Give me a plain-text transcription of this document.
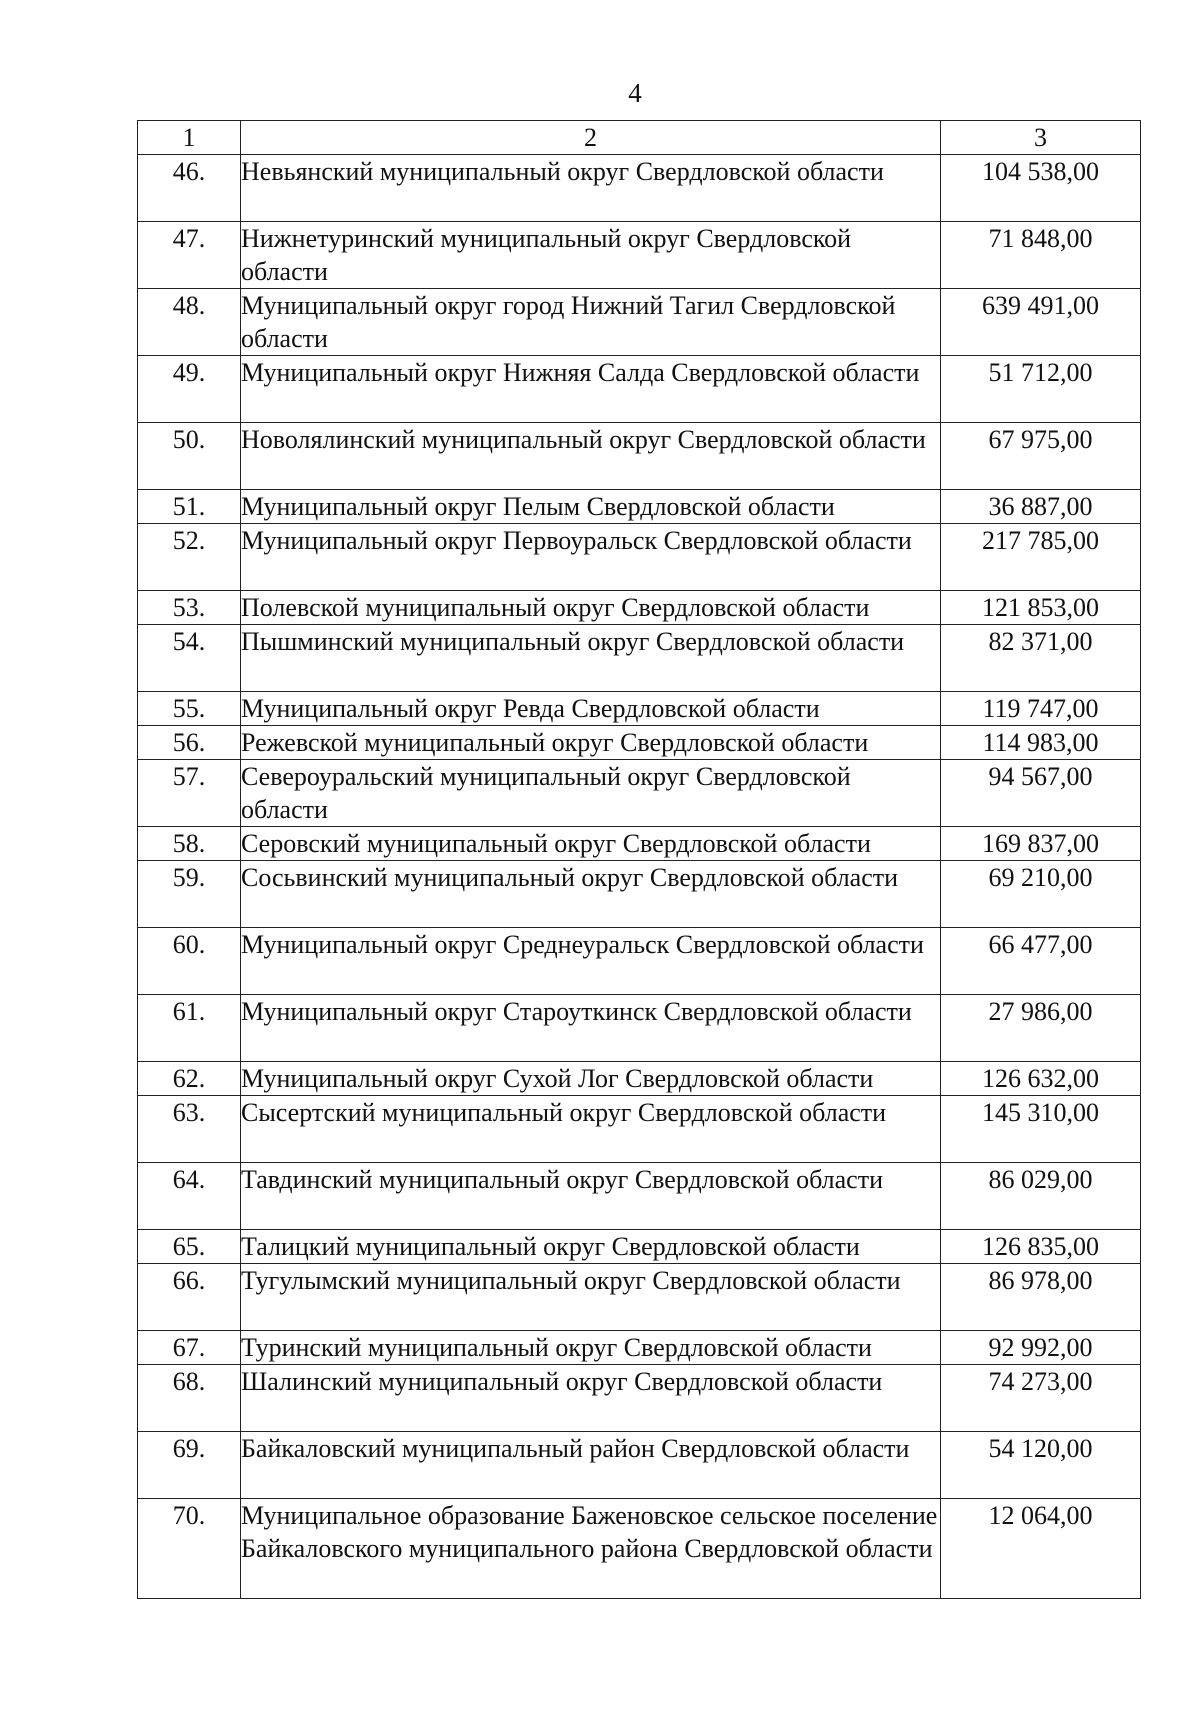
4
1	2	3
46.	Невьянский муниципальный округ Свердловской области	104 538,00
47.	Нижнетуринский муниципальный округ Свердловской области	71 848,00
48.	Муниципальный округ город Нижний Тагил Свердловской области	639 491,00
49.	Муниципальный округ Нижняя Салда Свердловской области	51 712,00
50.	Новолялинский муниципальный округ Свердловской области	67 975,00
51.	Муниципальный округ Пелым Свердловской области	36 887,00
52.	Муниципальный округ Первоуральск Свердловской области	217 785,00
53.	Полевской муниципальный округ Свердловской области	121 853,00
54.	Пышминский муниципальный округ Свердловской области	82 371,00
55.	Муниципальный округ Ревда Свердловской области	119 747,00
56.	Режевской муниципальный округ Свердловской области	114 983,00
57.	Североуральский муниципальный округ Свердловской области	94 567,00
58.	Серовский муниципальный округ Свердловской области	169 837,00
59.	Сосьвинский муниципальный округ Свердловской области	69 210,00
60.	Муниципальный округ Среднеуральск Свердловской области	66 477,00
61.	Муниципальный округ Староуткинск Свердловской области	27 986,00
62.	Муниципальный округ Сухой Лог Свердловской области	126 632,00
63.	Сысертский муниципальный округ Свердловской области	145 310,00
64.	Тавдинский муниципальный округ Свердловской области	86 029,00
65.	Талицкий муниципальный округ Свердловской области	126 835,00
66.	Тугулымский муниципальный округ Свердловской области	86 978,00
67.	Туринский муниципальный округ Свердловской области	92 992,00
68.	Шалинский муниципальный округ Свердловской области	74 273,00
69.	Байкаловский муниципальный район Свердловской области	54 120,00
70.	Муниципальное образование Баженовское сельское поселение Байкаловского муниципального района Свердловской области	12 064,00
